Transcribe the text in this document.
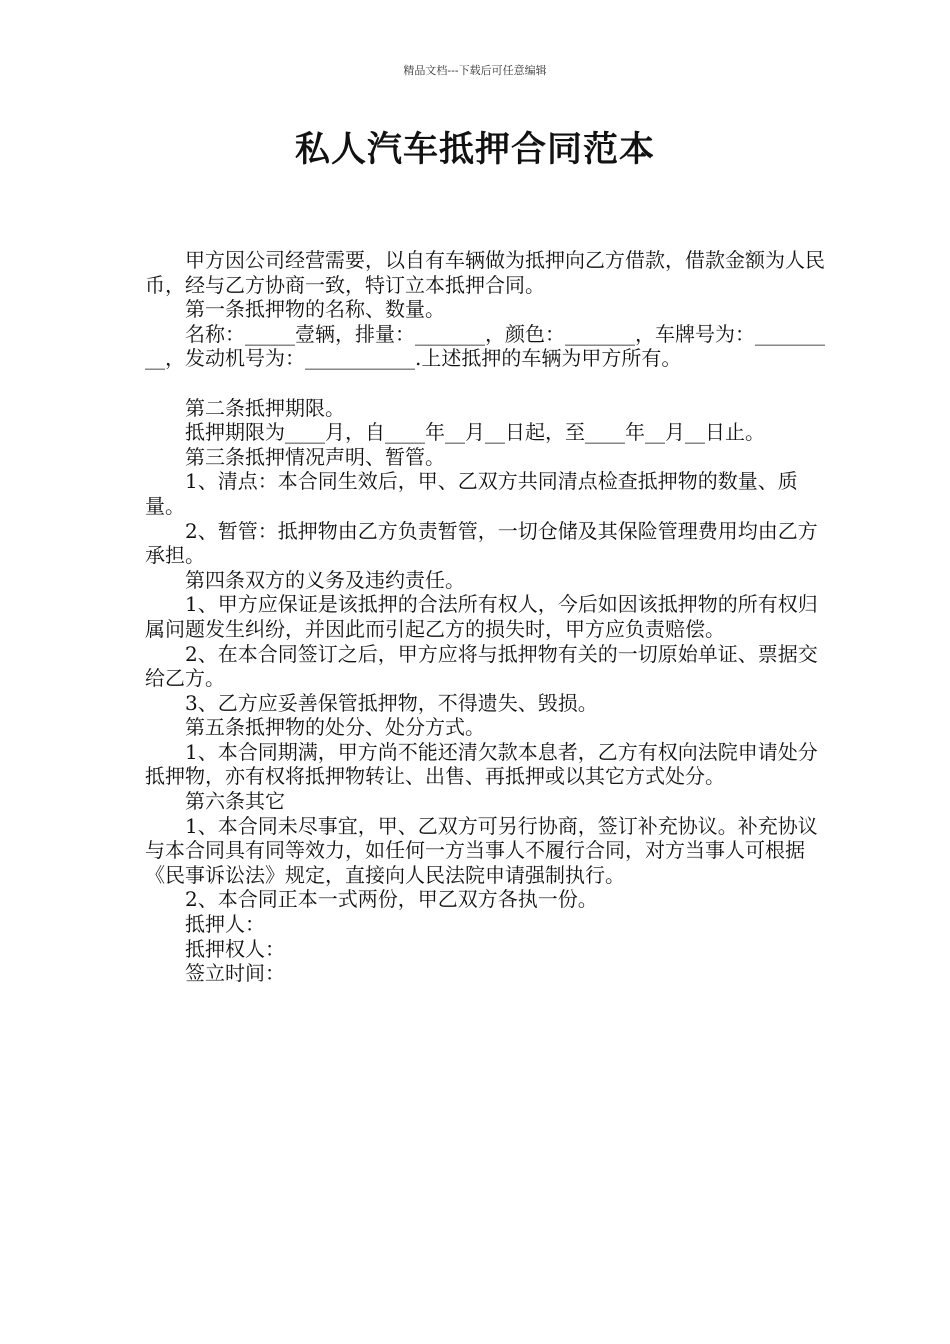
精品文档---下载后可任意编辑
私人汽车抵押合同范本

甲方因公司经营需要，以自有车辆做为抵押向乙方借款，借款金额为人民币，经与乙方协商一致，特订立本抵押合同。

第一条抵押物的名称、数量。

名称：_____壹辆，排量：_______，颜色：_______，车牌号为：_________，发动机号为：___________.上述抵押的车辆为甲方所有。

第二条抵押期限。

抵押期限为____月，自____年__月__日起，至____年__月__日止。

第三条抵押情况声明、暂管。

1、清点：本合同生效后，甲、乙双方共同清点检查抵押物的数量、质量。

2、暂管：抵押物由乙方负责暂管，一切仓储及其保险管理费用均由乙方承担。

第四条双方的义务及违约责任。

1、甲方应保证是该抵押的合法所有权人，今后如因该抵押物的所有权归属问题发生纠纷，并因此而引起乙方的损失时，甲方应负责赔偿。

2、在本合同签订之后，甲方应将与抵押物有关的一切原始单证、票据交给乙方。

3、乙方应妥善保管抵押物，不得遗失、毁损。

第五条抵押物的处分、处分方式。

1、本合同期满，甲方尚不能还清欠款本息者，乙方有权向法院申请处分抵押物，亦有权将抵押物转让、出售、再抵押或以其它方式处分。

第六条其它

1、本合同未尽事宜，甲、乙双方可另行协商，签订补充协议。补充协议与本合同具有同等效力，如任何一方当事人不履行合同，对方当事人可根据《民事诉讼法》规定，直接向人民法院申请强制执行。

2、本合同正本一式两份，甲乙双方各执一份。

抵押人：

抵押权人：

签立时间：
